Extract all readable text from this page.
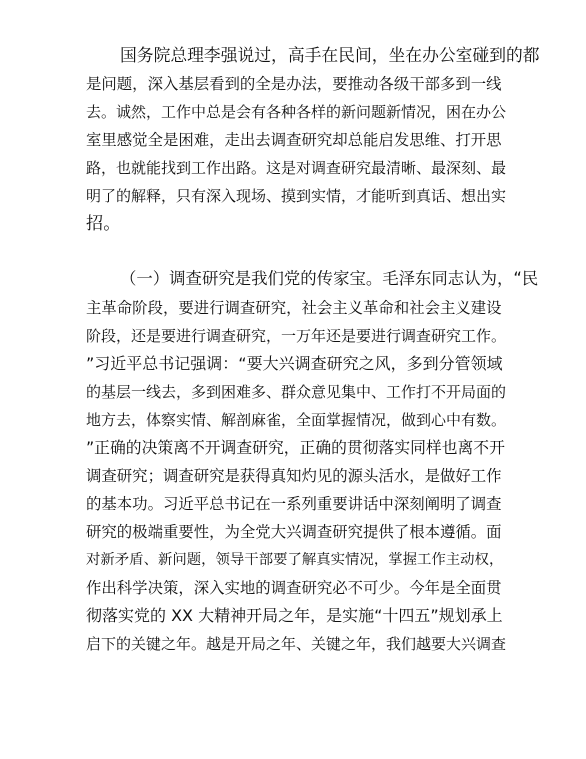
国务院总理李强说过，高手在民间，坐在办公室碰到的都
是问题，深入基层看到的全是办法，要推动各级干部多到一线
去。诚然，工作中总是会有各种各样的新问题新情况，困在办公
室里感觉全是困难，走出去调查研究却总能启发思维、打开思
路，也就能找到工作出路。这是对调查研究最清晰、最深刻、最
明了的解释，只有深入现场、摸到实情，才能听到真话、想出实
招。
（一）调查研究是我们党的传家宝。毛泽东同志认为，“民
主革命阶段，要进行调查研究，社会主义革命和社会主义建设
阶段，还是要进行调查研究，一万年还是要进行调查研究工作。
”习近平总书记强调：“要大兴调查研究之风，多到分管领域
的基层一线去，多到困难多、群众意见集中、工作打不开局面的
地方去，体察实情、解剖麻雀，全面掌握情况，做到心中有数。
”正确的决策离不开调查研究，正确的贯彻落实同样也离不开
调查研究；调查研究是获得真知灼见的源头活水，是做好工作
的基本功。习近平总书记在一系列重要讲话中深刻阐明了调查
研究的极端重要性，为全党大兴调查研究提供了根本遵循。面
对新矛盾、新问题，领导干部要了解真实情况，掌握工作主动权，
作出科学决策，深入实地的调查研究必不可少。今年是全面贯
彻落实党的 XX 大精神开局之年，是实施“十四五”规划承上
启下的关键之年。越是开局之年、关键之年，我们越要大兴调查
